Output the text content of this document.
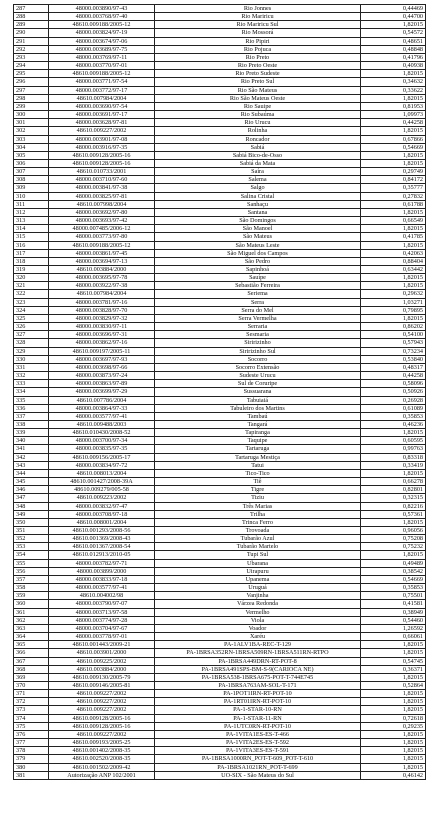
287	48000.003890/97-43	Rio Jonnes	0,44469
288	48000.003768/97-40	Rio Mariricu	0,44700
289	48610.009188/2005-12	Rio Mariricu Sul	1,82015
290	48000.003824/97-19	Rio Mossorá	0,54572
291	48000.003674/97-06	Rio Pipiri	0,48651
292	48000.003689/97-75	Rio Pojuca	0,48848
293	48000.003769/97-11	Rio Preto	0,41796
294	48000.003770/97-01	Rio Preto Oeste	0,40938
295	48610.009188/2005-12	Rio Preto Sudeste	1,82015
296	48000.003771/97-54	Rio Preto Sul	0,34632
297	48000.003772/97-17	Rio São Mateus	0,33622
298	48610.007984/2004	Rio São Mateus Oeste	1,82015
299	48000.003690/97-54	Rio Sauipe	0,81953
300	48000.003691/97-17	Rio Subaúma	1,09973
301	48000.003628/97-81	Rio Urucu	0,44258
302	48610.009227/2002	Rolinha	1,82015
303	48000.003901/97-08	Roncador	0,67866
304	48000.003916/97-35	Sabiá	0,54669
305	48610.009128/2005-16	Sabiá Bico-de-Osso	1,82015
306	48610.009128/2005-16	Sabiá da Mata	1,82015
307	48610.010733/2001	Saíra	0,29749
308	48000.003710/97-60	Salema	0,84172
309	48000.003841/97-38	Salgo	0,35777
310	48000.003825/97-81	Salina Cristal	0,27832
311	48610.007998/2004	Sanhaçu	0,61788
312	48000.003692/97-80	Santana	1,82015
313	48000.003693/97-42	São Domingos	0,66549
314	48000.007485/2006-12	São Manoel	1,82015
315	48000.003773/97-80	São Mateus	0,41785
316	48610.009188/2005-12	São Mateus Leste	1,82015
317	48000.003861/97-45	São Miguel dos Campos	0,42063
318	48000.003694/97-13	São Pedro	0,88404
319	48610.003884/2000	Sapinhoá	0,63442
320	48000.003695/97-78	Sauípe	1,82015
321	48000.003922/97-38	Sebastião Ferreira	1,82015
322	48610.007984/2004	Seriema	0,29632
323	48000.003781/97-16	Serra	1,03271
324	48000.003828/97-70	Serra do Mel	0,79895
325	48000.003829/97-32	Serra Vermelha	1,82015
326	48000.003830/97-11	Serraria	0,86202
327	48000.003696/97-31	Sesmaria	0,54100
328	48000.003862/97-16	Siririzinho	0,57943
329	48610.009197/2005-11	Siririzinho Sul	0,73234
330	48000.003697/97-93	Socorro	0,53840
331	48000.003698/97-66	Socorro Extensão	0,48317
332	48000.003873/97-24	Sudeste Urucu	0,44258
333	48000.003863/97-89	Sul de Coruripe	0,58096
334	48000.003699/97-29	Sussuarana	0,50926
335	48610.007786/2004	Tabuiaiá	0,26928
336	48000.003864/97-33	Tabuleiro dos Martins	0,61089
337	48000.003577/97-41	Tambaú	0,35853
338	48610.009488/2003	Tangará	0,46236
339	48610.010430/2008-52	Tapiranga	1,82015
340	48000.003700/97-34	Taquipe	0,60595
341	48000.003835/97-35	Tartaruga	0,99763
342	48610.009156/2005-17	Tartaruga Mestiça	0,83318
343	48000.003834/97-72	Tatui	0,33419
344	48610.008013/2004	Tico-Tico	1,82015
345	48610.001427/2008-39A	Tiê	0,66278
346	48610.009279/005-58	Tigre	0,82801
347	48610.009223/2002	Tiziu	0,32315
348	48000.003832/97-47	Três Marias	0,82216
349	48000.003708/97-18	Trilha	0,57361
350	48610.008001/2004	Trinca Ferro	1,82015
351	48610.001293/2008-56	Trovoada	0,96056
352	48610.001369/2008-43	Tubarão Azul	0,75208
353	48610.001367/2008-54	Tubarão Martelo	0,75232
354	48610.012913/2010-05	Tupi Sul	1,82015
355	48000.003782/97-71	Ubarana	0,49489
356	48000.003899/2000	Uirapuru	0,38542
357	48000.003833/97-18	Upanema	0,54669
358	48000.003577/97-41	Uruguá	0,35853
359	48610.004002/98	Vanjinha	0,75501
360	48000.003790/97-07	Várzea Redonda	0,41581
361	48000.003713/97-58	Vermelho	0,38949
362	48000.003774/97-28	Viola	0,54460
363	48000.003704/97-67	Voador	1,26592
364	48000.003778/97-01	Xaréu	0,66061
365	48610.001443/2009-21	PA-1ALV1BA-REC-T-129	1,82015
366	48610.003901/2000	PA-1BRSA352RN-1BRSA509RN-1BRSA511RN-RTPO	1,82015
367	48610.009225/2002	PA-1BRSA449DRN-RT-POT-8	0,54745
368	48610.003884/2000	PA-1BRSA491SPS-BM-S-9(CARIOCA NE)	0,36371
369	48610.009130/2005-79	PA-1BRSA538-1BRSA675-POT-T-744E745	1,82015
370	48610.009146/2005-81	PA-1BRSA763AM-SOL-T-171	0,52864
371	48610.009227/2002	PA-1POT1IRN-RT-POT-10	1,82015
372	48610.009227/2002	PA-1RT01IRN-RT-POT-10	1,82015
373	48610.009227/2002	PA-1-STAR-10-RN	1,82015
374	48610.009128/2005-16	PA-1-STAR-11-RN	0,72618
375	48610.009128/2005-16	PA-1UTC0RN-RT-POT-10	0,29235
376	48610.009227/2002	PA-1VITA1ES-ES-T-466	1,82015
377	48610.009193/2005-25	PA-1VITA2ES-ES-T-592	1,82015
378	48610.001402/2008-35	PA-1VITA3ES-ES-T-591	1,82015
379	48610.002520/2008-35	PA-1BRSA1000RN_POT-T-609_POT-T-610	1,82015
380	48610.001502/2009-42	PA-1BRSA1021RN_POT-T-699	1,82015
381	Autorização ANP 102/2001	UO-SIX - São Mateus do Sul	0,46142
